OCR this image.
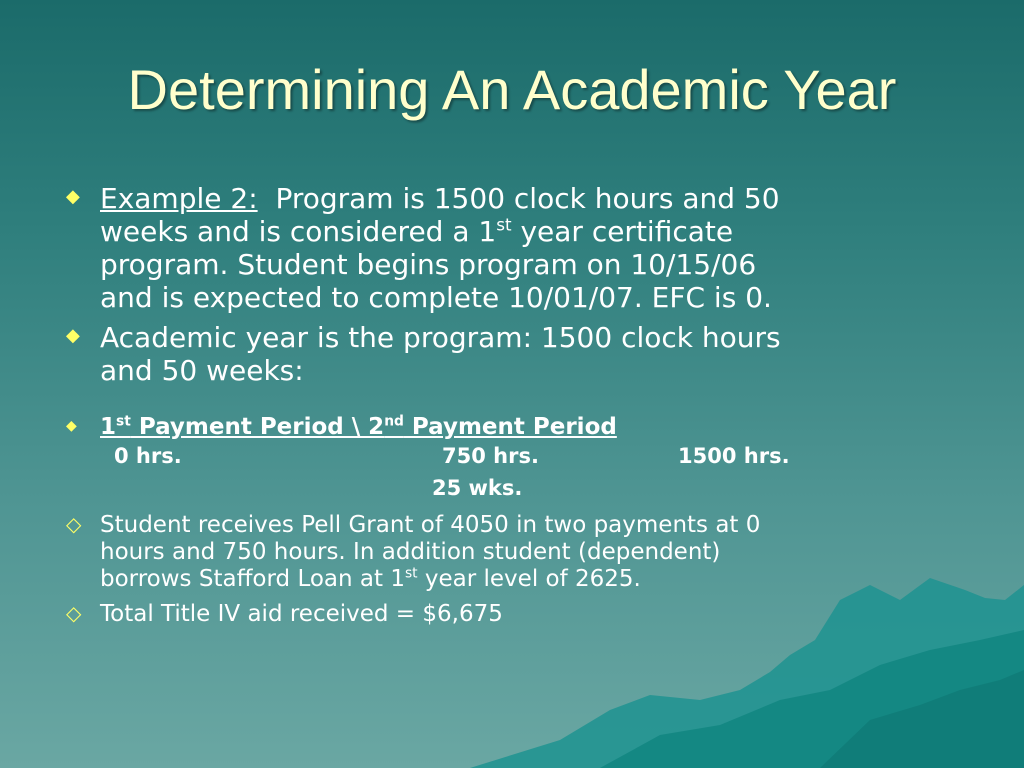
Determining An Academic Year
◆ Example 2: Program is 1500 clock hours and 50
weeks and is considered a 1st year certificate
program. Student begins program on 10/15/06
and is expected to complete 10/01/07. EFC is 0.
◆ Academic year is the program: 1500 clock hours
and 50 weeks:
◆ 1st Payment Period \ 2nd Payment Period
0 hrs.	750 hrs.	1500 hrs.
25 wks.
◇ Student receives Pell Grant of 4050 in two payments at 0
hours and 750 hours. In addition student (dependent)
borrows Stafford Loan at 1st year level of 2625.
◇ Total Title IV aid received = $6,675
